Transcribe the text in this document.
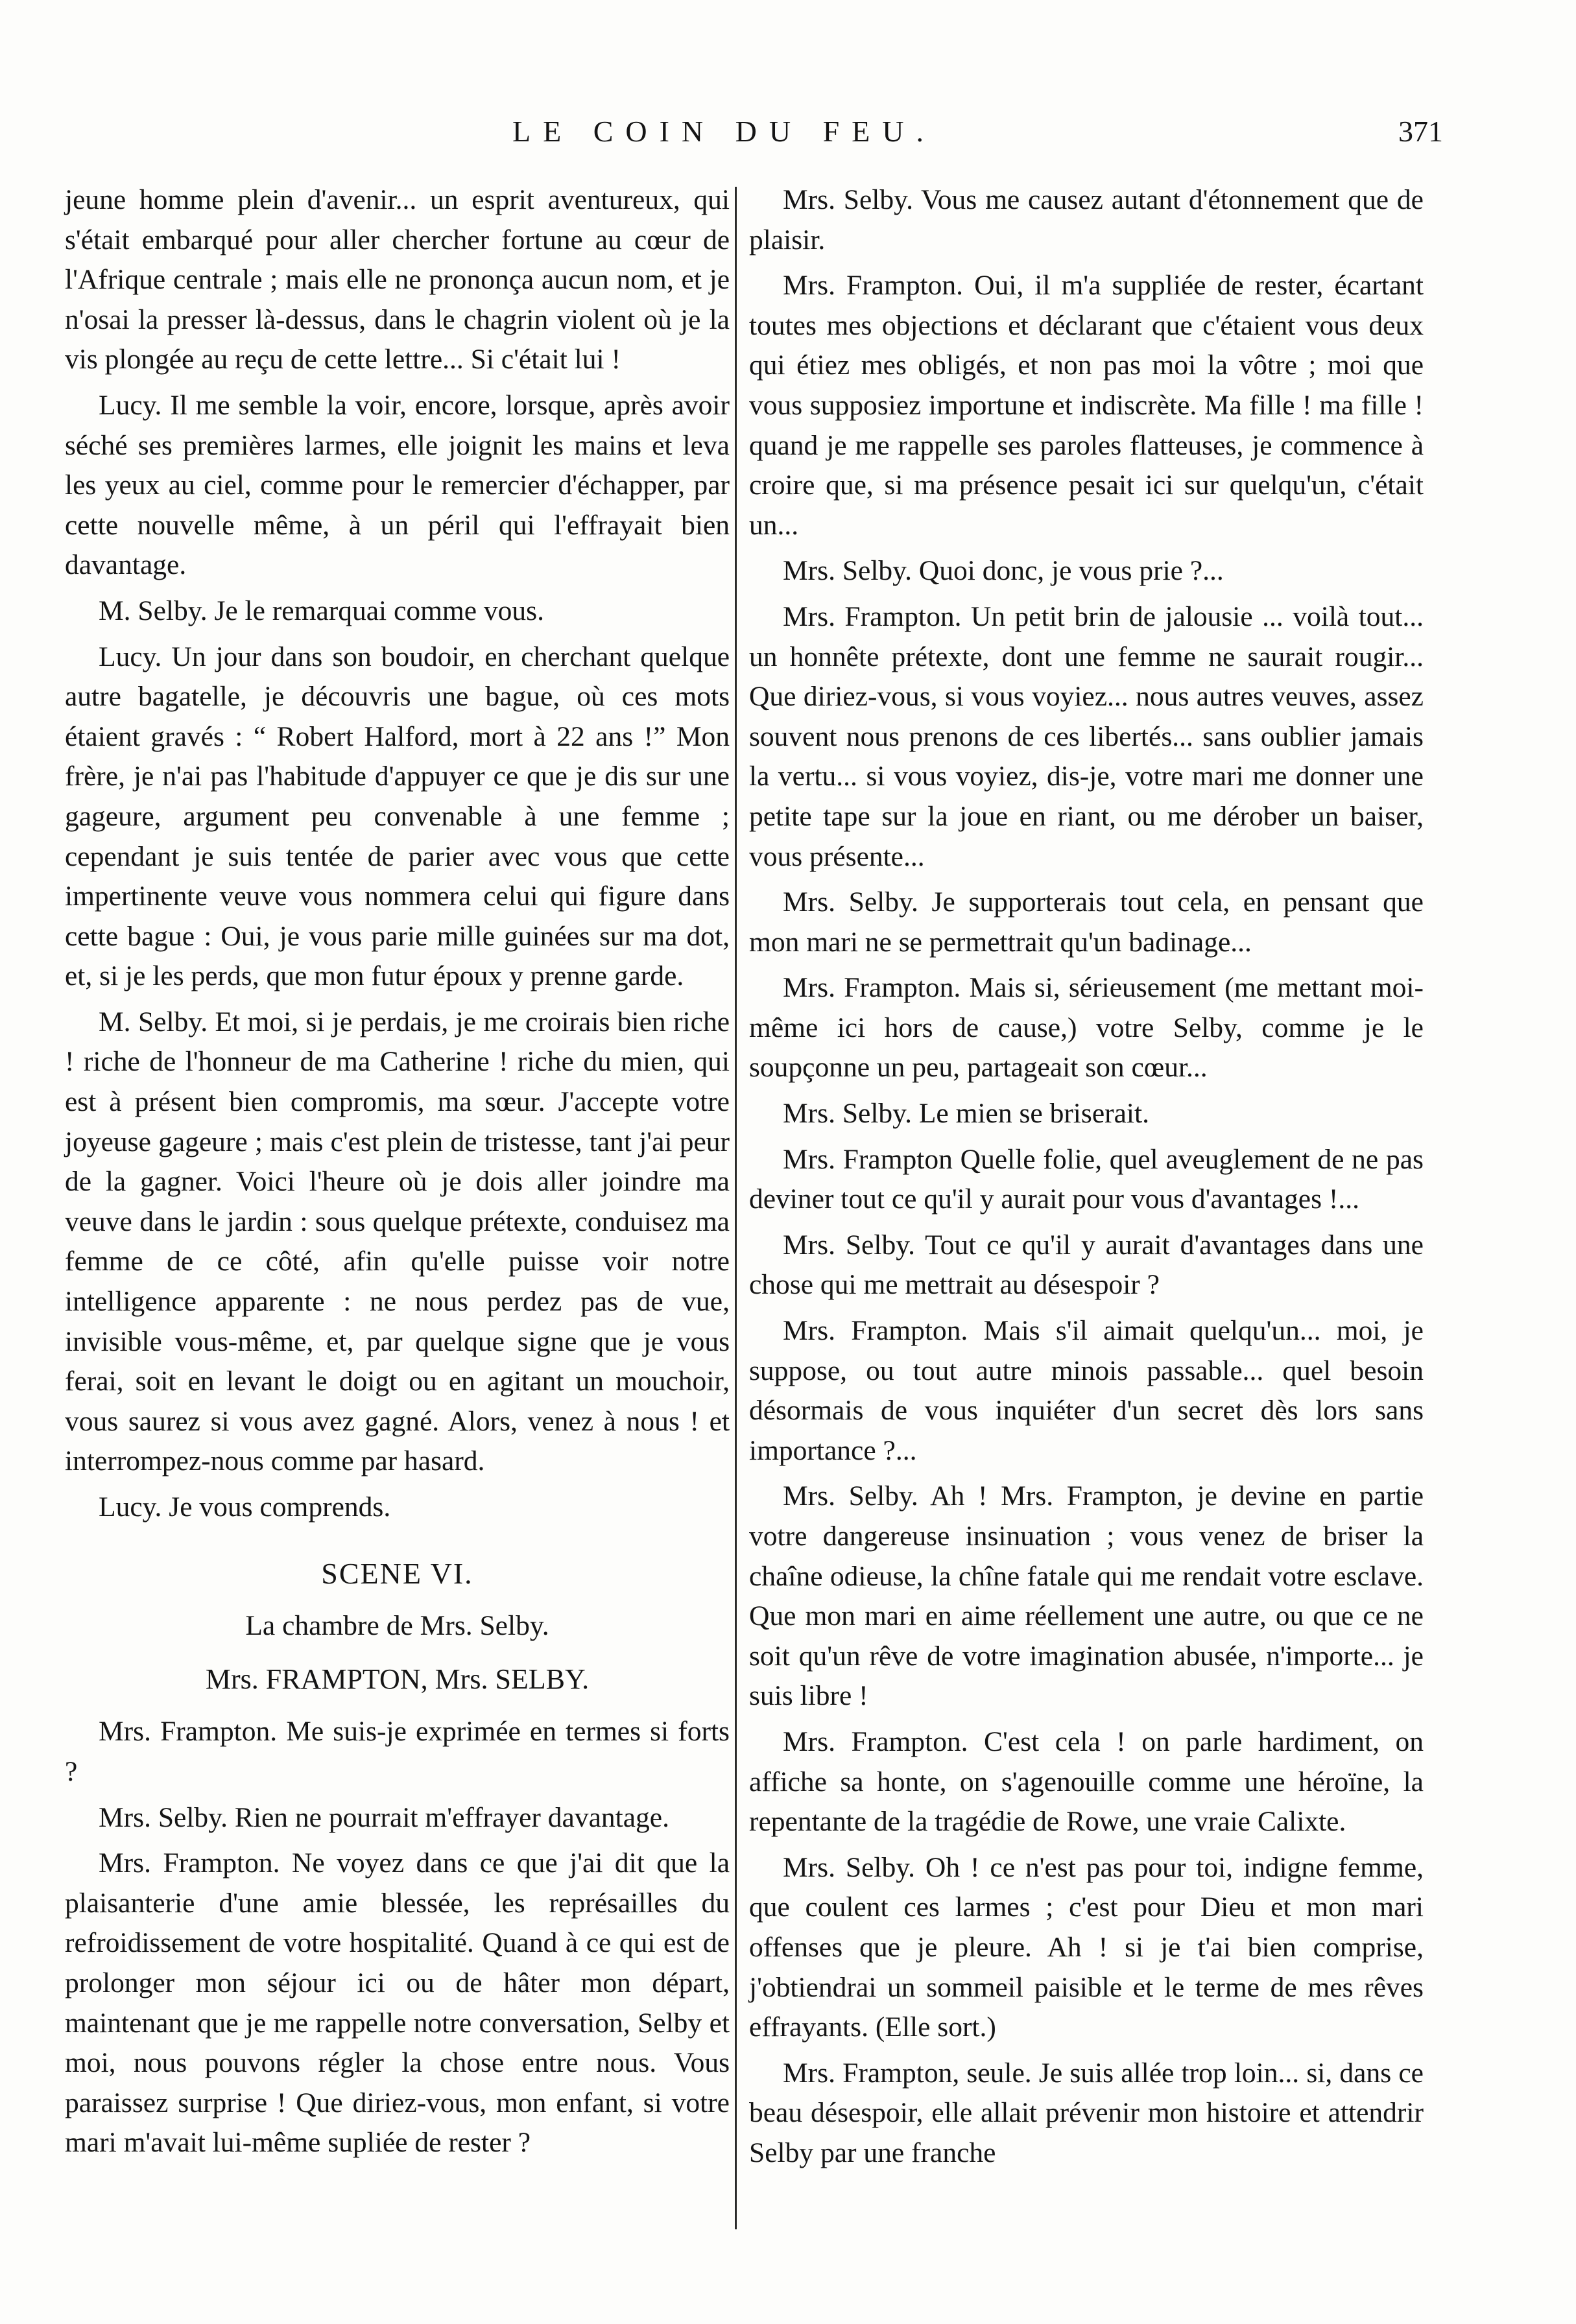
LE COIN DU FEU.	371

jeune homme plein d'avenir... un esprit aventureux, qui s'était embarqué pour aller chercher fortune au cœur de l'Afrique centrale ; mais elle ne prononça aucun nom, et je n'osai la presser là-dessus, dans le chagrin violent où je la vis plongée au reçu de cette lettre... Si c'était lui !

Lucy. Il me semble la voir, encore, lorsque, après avoir séché ses premières larmes, elle joignit les mains et leva les yeux au ciel, comme pour le remercier d'échapper, par cette nouvelle même, à un péril qui l'effrayait bien davantage.

M. Selby. Je le remarquai comme vous.

Lucy. Un jour dans son boudoir, en cherchant quelque autre bagatelle, je découvris une bague, où ces mots étaient gravés : “ Robert Halford, mort à 22 ans !” Mon frère, je n'ai pas l'habitude d'appuyer ce que je dis sur une gageure, argument peu convenable à une femme ; cependant je suis tentée de parier avec vous que cette impertinente veuve vous nommera celui qui figure dans cette bague : Oui, je vous parie mille guinées sur ma dot, et, si je les perds, que mon futur époux y prenne garde.

M. Selby. Et moi, si je perdais, je me croirais bien riche ! riche de l'honneur de ma Catherine ! riche du mien, qui est à présent bien compromis, ma sœur. J'accepte votre joyeuse gageure ; mais c'est plein de tristesse, tant j'ai peur de la gagner. Voici l'heure où je dois aller joindre ma veuve dans le jardin : sous quelque prétexte, conduisez ma femme de ce côté, afin qu'elle puisse voir notre intelligence apparente : ne nous perdez pas de vue, invisible vous-même, et, par quelque signe que je vous ferai, soit en levant le doigt ou en agitant un mouchoir, vous saurez si vous avez gagné. Alors, venez à nous ! et interrompez-nous comme par hasard.

Lucy. Je vous comprends.

SCENE VI.

La chambre de Mrs. Selby.

Mrs. FRAMPTON, Mrs. SELBY.

Mrs. Frampton. Me suis-je exprimée en termes si forts ?

Mrs. Selby. Rien ne pourrait m'effrayer davantage.

Mrs. Frampton. Ne voyez dans ce que j'ai dit que la plaisanterie d'une amie blessée, les représailles du refroidissement de votre hospitalité. Quand à ce qui est de prolonger mon séjour ici ou de hâter mon départ, maintenant que je me rappelle notre conversation, Selby et moi, nous pouvons régler la chose entre nous. Vous paraissez surprise ! Que diriez-vous, mon enfant, si votre mari m'avait lui-même supliée de rester ?

Mrs. Selby. Vous me causez autant d'étonnement que de plaisir.

Mrs. Frampton. Oui, il m'a suppliée de rester, écartant toutes mes objections et déclarant que c'étaient vous deux qui étiez mes obligés, et non pas moi la vôtre ; moi que vous supposiez importune et indiscrète. Ma fille ! ma fille ! quand je me rappelle ses paroles flatteuses, je commence à croire que, si ma présence pesait ici sur quelqu'un, c'était un...

Mrs. Selby. Quoi donc, je vous prie ?...

Mrs. Frampton. Un petit brin de jalousie ... voilà tout... un honnête prétexte, dont une femme ne saurait rougir... Que diriez-vous, si vous voyiez... nous autres veuves, assez souvent nous prenons de ces libertés... sans oublier jamais la vertu... si vous voyiez, dis-je, votre mari me donner une petite tape sur la joue en riant, ou me dérober un baiser, vous présente...

Mrs. Selby. Je supporterais tout cela, en pensant que mon mari ne se permettrait qu'un badinage...

Mrs. Frampton. Mais si, sérieusement (me mettant moi-même ici hors de cause,) votre Selby, comme je le soupçonne un peu, partageait son cœur...

Mrs. Selby. Le mien se briserait.

Mrs. Frampton Quelle folie, quel aveuglement de ne pas deviner tout ce qu'il y aurait pour vous d'avantages !...

Mrs. Selby. Tout ce qu'il y aurait d'avantages dans une chose qui me mettrait au désespoir ?

Mrs. Frampton. Mais s'il aimait quelqu'un... moi, je suppose, ou tout autre minois passable... quel besoin désormais de vous inquiéter d'un secret dès lors sans importance ?...

Mrs. Selby. Ah ! Mrs. Frampton, je devine en partie votre dangereuse insinuation ; vous venez de briser la chaîne odieuse, la chîne fatale qui me rendait votre esclave. Que mon mari en aime réellement une autre, ou que ce ne soit qu'un rêve de votre imagination abusée, n'importe... je suis libre !

Mrs. Frampton. C'est cela ! on parle hardiment, on affiche sa honte, on s'agenouille comme une héroïne, la repentante de la tragédie de Rowe, une vraie Calixte.

Mrs. Selby. Oh ! ce n'est pas pour toi, indigne femme, que coulent ces larmes ; c'est pour Dieu et mon mari offenses que je pleure. Ah ! si je t'ai bien comprise, j'obtiendrai un sommeil paisible et le terme de mes rêves effrayants. (Elle sort.)

Mrs. Frampton, seule. Je suis allée trop loin... si, dans ce beau désespoir, elle allait prévenir mon histoire et attendrir Selby par une franche
